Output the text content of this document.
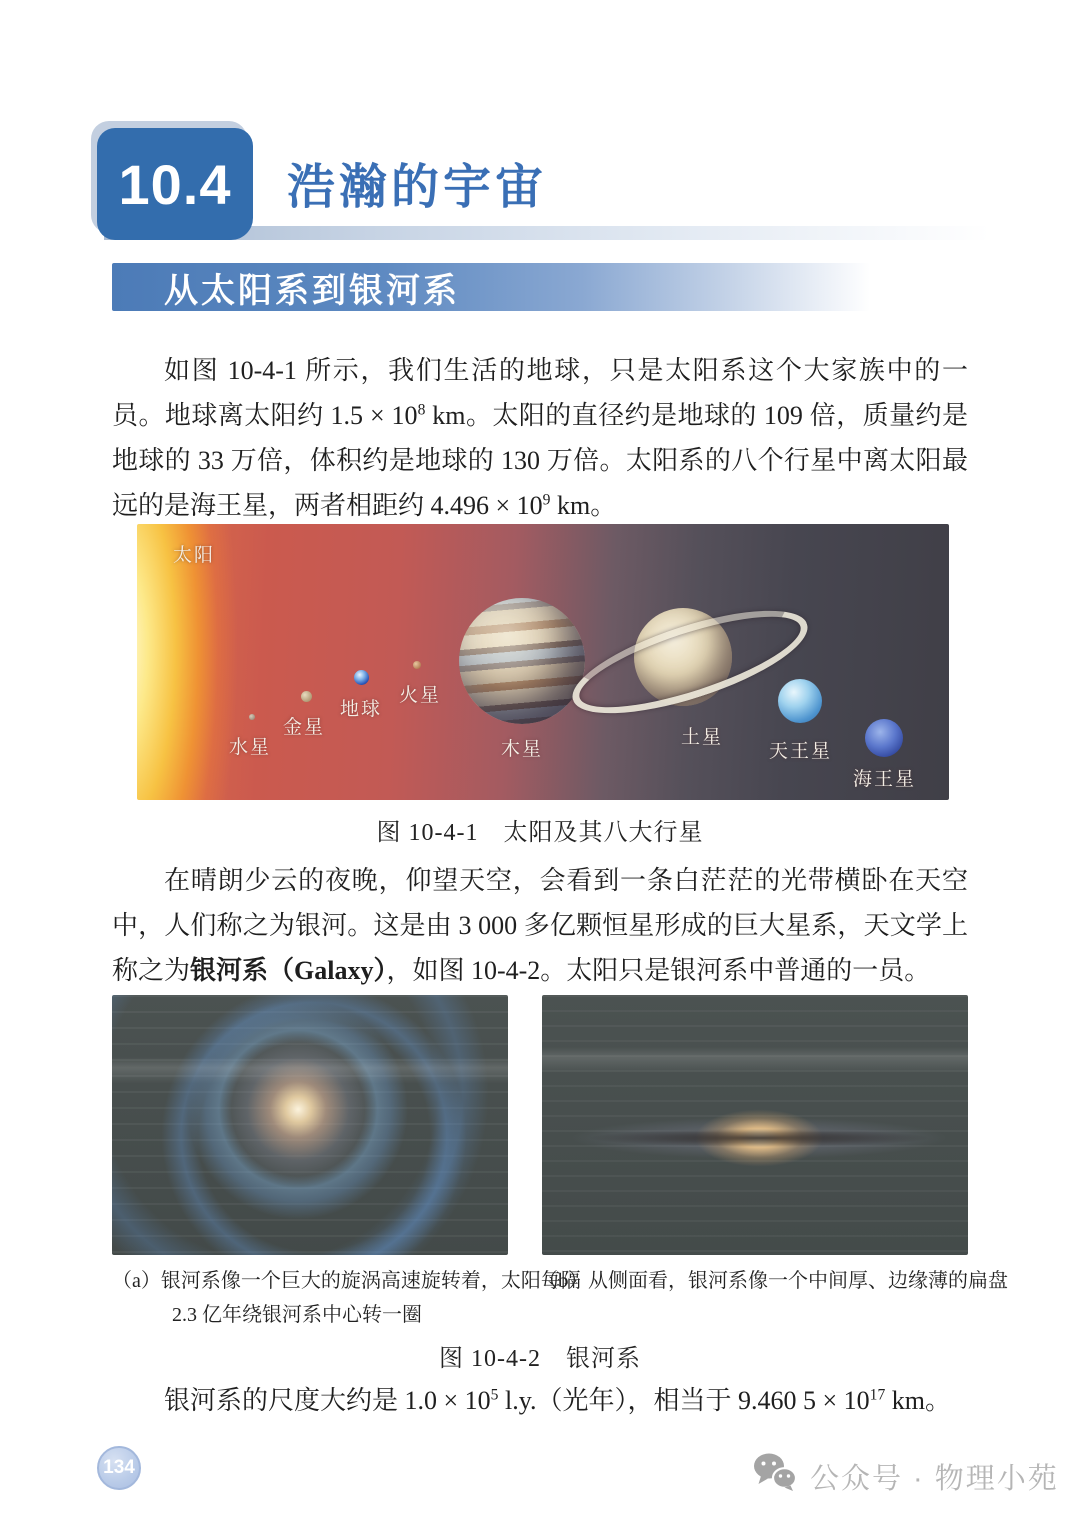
10.4 浩瀚的宇宙
从太阳系到银河系
如图 10-4-1 所示，我们生活的地球，只是太阳系这个大家族中的一员。地球离太阳约 $1.5 \times 10^8$ km。太阳的直径约是地球的 109 倍，质量约是地球的 33 万倍，体积约是地球的 130 万倍。太阳系的八个行星中离太阳最远的是海王星，两者相距约 $4.496 \times 10^9$ km。
太阳
水星
金星
地球
火星
木星
土星
天王星
海王星
图 10-4-1　太阳及其八大行星
在晴朗少云的夜晚，仰望天空，会看到一条白茫茫的光带横卧在天空中，人们称之为银河。这是由 3 000 多亿颗恒星形成的巨大星系，天文学上称之为银河系（Galaxy），如图 10-4-2。太阳只是银河系中普通的一员。
（a）银河系像一个巨大的旋涡高速旋转着，太阳每隔 2.3 亿年绕银河系中心转一圈
（b）从侧面看，银河系像一个中间厚、边缘薄的扁盘
图 10-4-2　银河系
银河系的尺度大约是 $1.0 \times 10^5$ l.y.（光年），相当于 9.460 $5 \times 10^{17}$ km。
134	公众号 · 物理小苑
